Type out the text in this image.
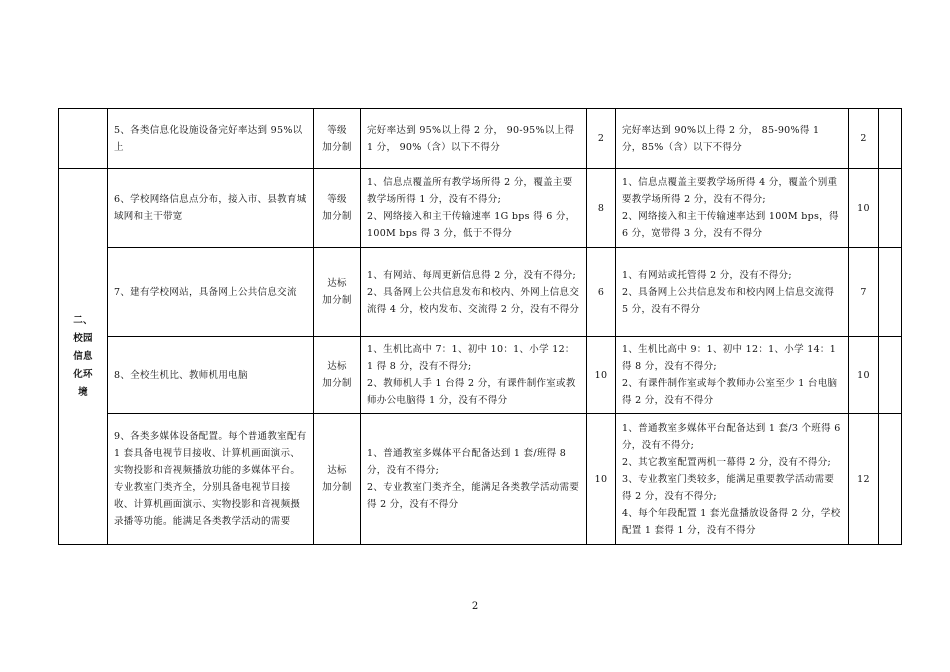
	5、各类信息化设施设备完好率达到 95%以上	等级
加分制	完好率达到 95%以上得 2 分， 90-95%以上得 1 分， 90%（含）以下不得分	2	完好率达到 90%以上得 2 分， 85-90%得 1 分，85%（含）以下不得分	2	
二、
校园
信息
化环
境	6、学校网络信息点分布，接入市、县教育城域网和主干带宽	等级
加分制	1、信息点覆盖所有教学场所得 2 分，覆盖主要教学场所得 1 分，没有不得分;
2、网络接入和主干传输速率 1G bps 得 6 分，100M bps 得 3 分，低于不得分	8	1、信息点覆盖主要教学场所得 4 分，覆盖个别重要教学场所得 2 分，没有不得分;
2、网络接入和主干传输速率达到 100M bps，得 6 分，宽带得 3 分，没有不得分	10	
	7、建有学校网站，具备网上公共信息交流	达标
加分制	1、有网站、每周更新信息得 2 分，没有不得分;
2、具备网上公共信息发布和校内、外网上信息交流得 4 分，校内发布、交流得 2 分，没有不得分	6	1、有网站或托管得 2 分，没有不得分;
2、具备网上公共信息发布和校内网上信息交流得 5 分，没有不得分	7	
	8、全校生机比、教师机用电脑	达标
加分制	1、生机比高中 7：1、初中 10：1、小学 12：1 得 8 分，没有不得分;
2、教师机人手 1 台得 2 分，有课件制作室或教师办公电脑得 1 分，没有不得分	10	1、生机比高中 9：1、初中 12：1、小学 14：1 得 8 分，没有不得分;
2、有课件制作室或每个教师办公室至少 1 台电脑得 2 分，没有不得分	10	
	9、各类多媒体设备配置。每个普通教室配有 1 套具备电视节目接收、计算机画面演示、实物投影和音视频播放功能的多媒体平台。专业教室门类齐全，分别具备电视节目接收、计算机画面演示、实物投影和音视频摄录播等功能。能满足各类教学活动的需要	达标
加分制	1、普通教室多媒体平台配备达到 1 套/班得 8 分，没有不得分;
2、专业教室门类齐全，能满足各类教学活动需要得 2 分，没有不得分	10	1、普通教室多媒体平台配备达到 1 套/3 个班得 6 分，没有不得分;
2、其它教室配置两机一幕得 2 分，没有不得分;
3、专业教室门类较多，能满足重要教学活动需要得 2 分，没有不得分;
4、每个年段配置 1 套光盘播放设备得 2 分，学校配置 1 套得 1 分，没有不得分	12	
2
